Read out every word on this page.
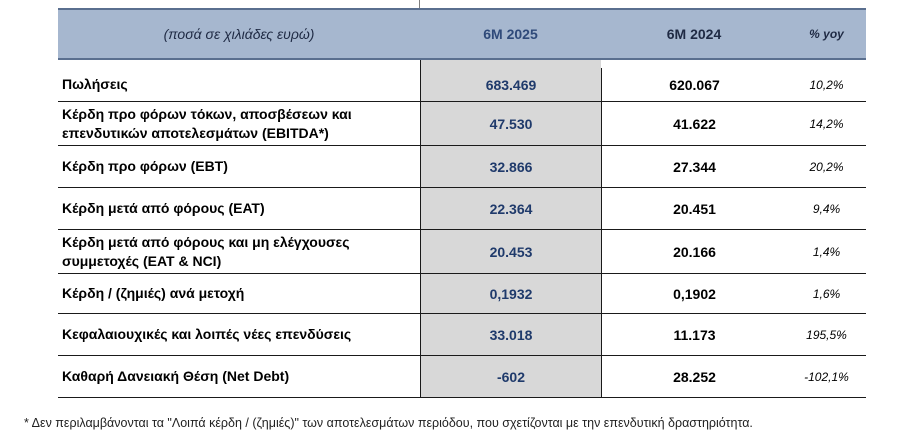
(ποσά σε χιλιάδες ευρώ)	6M 2025	6M 2024	% yoy

Πωλήσεις	683.469	620.067	10,2%
Κέρδη προ φόρων τόκων, αποσβέσεων και επενδυτικών αποτελεσμάτων (EBITDA*)	47.530	41.622	14,2%
Κέρδη προ φόρων (ΕΒΤ)	32.866	27.344	20,2%
Κέρδη μετά από φόρους (ΕΑΤ)	22.364	20.451	9,4%
Κέρδη μετά από φόρους και μη ελέγχουσες συμμετοχές (EAT & NCI)	20.453	20.166	1,4%
Κέρδη / (ζημιές) ανά μετοχή	0,1932	0,1902	1,6%
Κεφαλαιουχικές και λοιπές νέες επενδύσεις	33.018	11.173	195,5%
Καθαρή Δανειακή Θέση (Net Debt)	-602	28.252	-102,1%
* Δεν περιλαμβάνονται τα "Λοιπά κέρδη / (ζημιές)" των αποτελεσμάτων περιόδου, που σχετίζονται με την επενδυτική δραστηριότητα.
